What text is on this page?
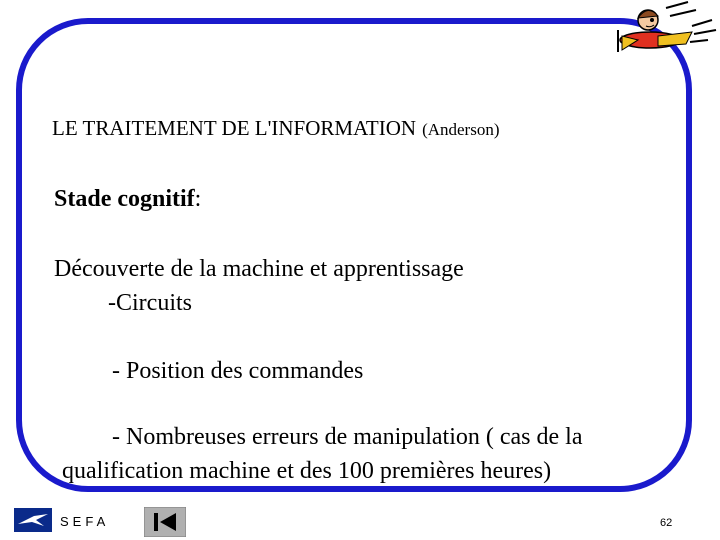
LE TRAITEMENT DE L'INFORMATION (Anderson)
Stade cognitif:
Découverte de la machine et apprentissage
-Circuits
- Position des commandes
- Nombreuses erreurs de manipulation ( cas de la
qualification machine et des 100 premières heures)
SEFA	62
